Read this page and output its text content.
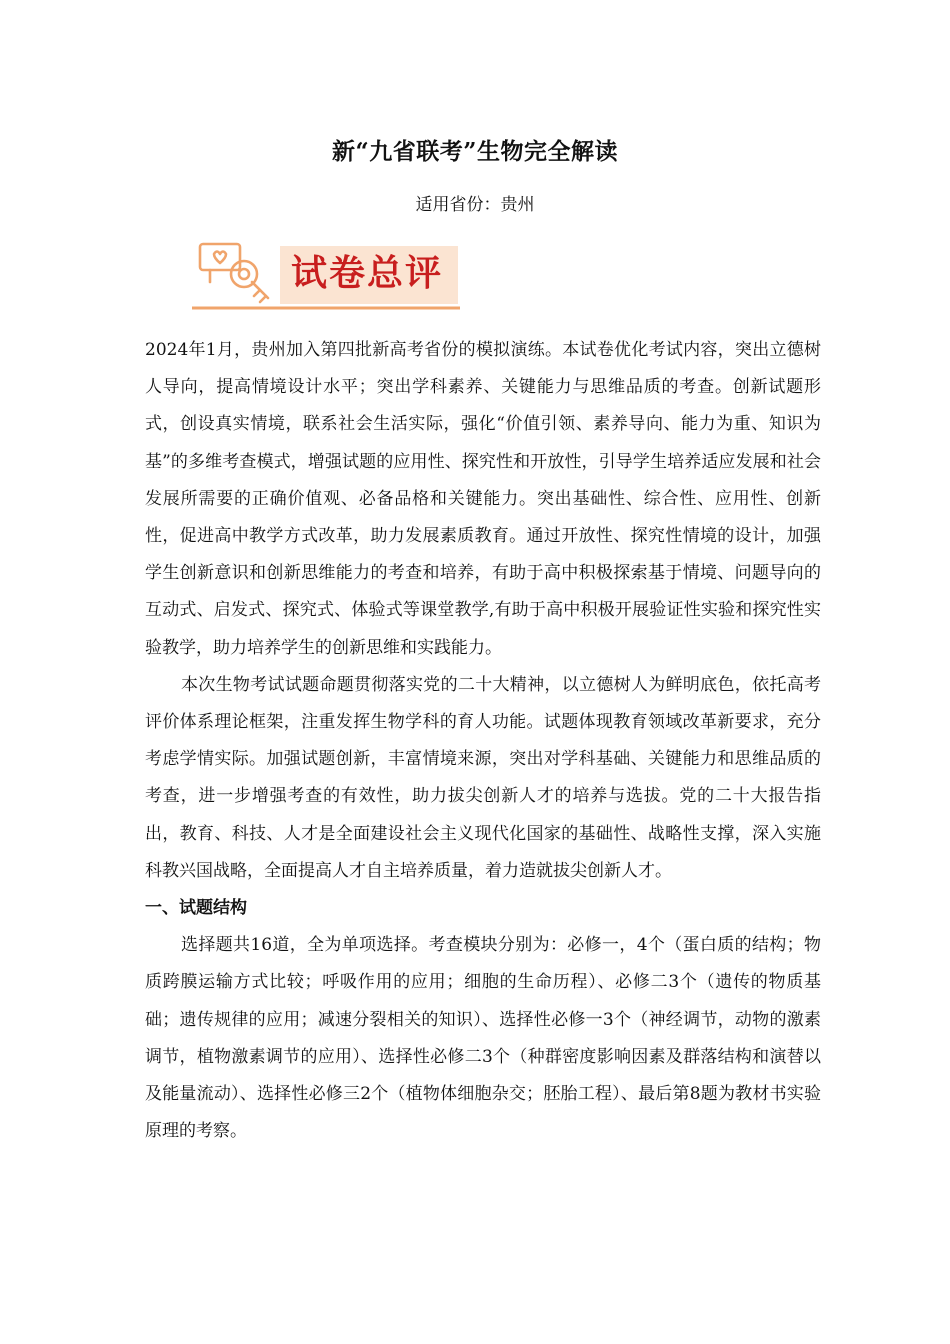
新“九省联考”生物完全解读
适用省份：贵州
试卷总评

2024年1月，贵州加入第四批新高考省份的模拟演练。本试卷优化考试内容，突出立德树人导向，提高情境设计水平；突出学科素养、关键能力与思维品质的考查。创新试题形式，创设真实情境，联系社会生活实际，强化“价值引领、素养导向、能力为重、知识为基”的多维考查模式，增强试题的应用性、探究性和开放性，引导学生培养适应发展和社会发展所需要的正确价值观、必备品格和关键能力。突出基础性、综合性、应用性、创新性，促进高中教学方式改革，助力发展素质教育。通过开放性、探究性情境的设计，加强学生创新意识和创新思维能力的考查和培养，有助于高中积极探索基于情境、问题导向的互动式、启发式、探究式、体验式等课堂教学,有助于高中积极开展验证性实验和探究性实验教学，助力培养学生的创新思维和实践能力。

本次生物考试试题命题贯彻落实党的二十大精神，以立德树人为鲜明底色，依托高考评价体系理论框架，注重发挥生物学科的育人功能。试题体现教育领域改革新要求，充分考虑学情实际。加强试题创新，丰富情境来源，突出对学科基础、关键能力和思维品质的考查，进一步增强考查的有效性，助力拔尖创新人才的培养与选拔。党的二十大报告指出，教育、科技、人才是全面建设社会主义现代化国家的基础性、战略性支撑，深入实施科教兴国战略，全面提高人才自主培养质量，着力造就拔尖创新人才。

一、试题结构

选择题共16道，全为单项选择。考查模块分别为：必修一，4个（蛋白质的结构；物质跨膜运输方式比较；呼吸作用的应用；细胞的生命历程）、必修二3个（遗传的物质基础；遗传规律的应用；减速分裂相关的知识）、选择性必修一3个（神经调节，动物的激素调节，植物激素调节的应用）、选择性必修二3个（种群密度影响因素及群落结构和演替以及能量流动）、选择性必修三2个（植物体细胞杂交；胚胎工程）、最后第8题为教材书实验原理的考察。
